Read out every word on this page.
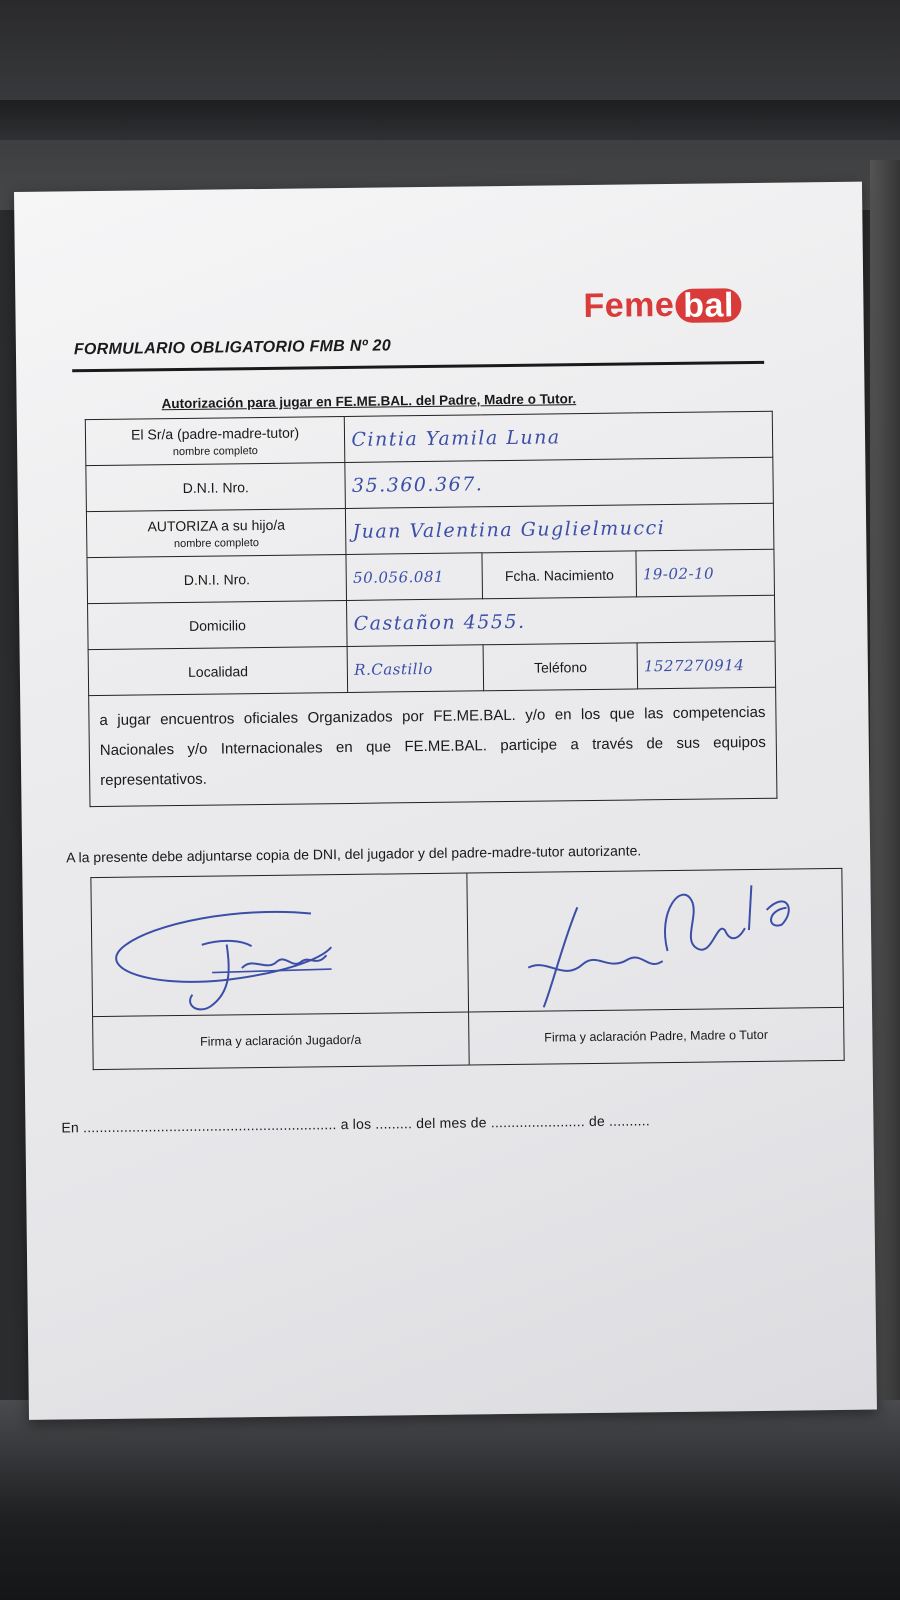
Feme bal
FORMULARIO OBLIGATORIO FMB Nº 20
Autorización para jugar en FE.ME.BAL. del Padre, Madre o Tutor.
El Sr/a (padre-madre-tutor)
nombre completo	Cintia Yamila Luna		
D.N.I. Nro.	35.360.367.		

AUTORIZA a su hijo/a
nombre completo	Juan Valentina Guglielmucci		
D.N.I. Nro.	50.056.081	Fcha. Nacimiento	19-02-10
Domicilio	Castañon 4555.		
Localidad	R.Castillo	Teléfono	1527270914
a jugar encuentros oficiales Organizados por FE.ME.BAL. y/o en los que las competencias Nacionales y/o Internacionales en que FE.ME.BAL. participe a través de sus equipos representativos.			
A la presente debe adjuntarse copia de DNI, del jugador y del padre-madre-tutor autorizante.

Firma y aclaración Jugador/a	Firma y aclaración Padre, Madre o Tutor
En .............................................................. a los ......... del mes de ....................... de ..........
